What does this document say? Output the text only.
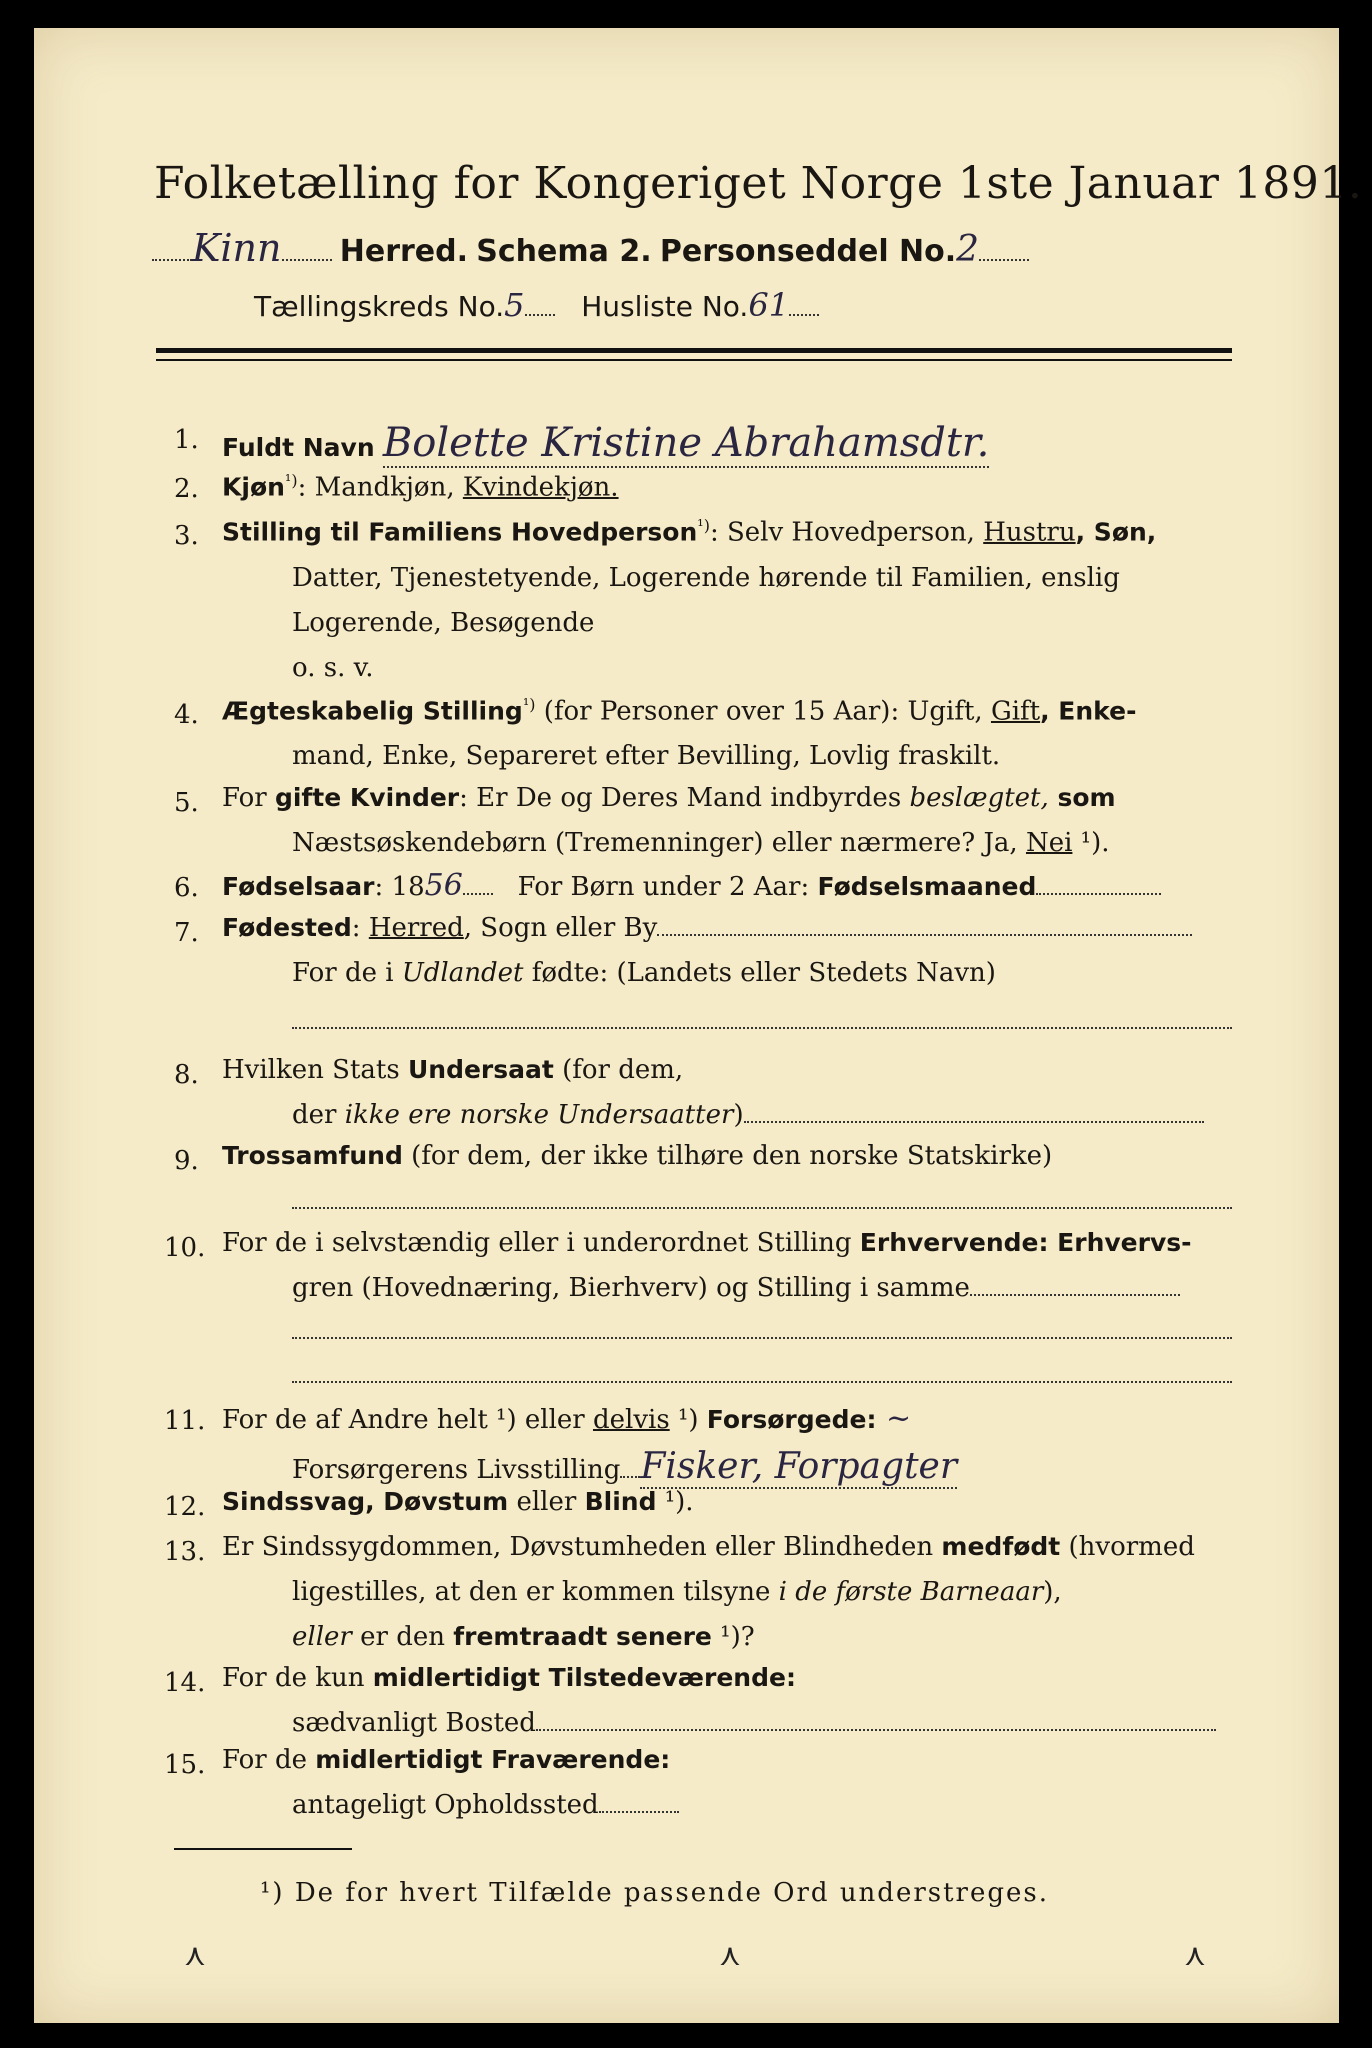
Folketælling for Kongeriget Norge 1ste Januar 1891.
Kinn Herred. Schema 2. Personseddel No.2
Tællingskreds No.5 Husliste No.61
1. Fuldt Navn Bolette Kristine Abrahamsdtr.
2. Kjøn$^{^1)}$: Mandkjøn, Kvindekjøn.
3. Stilling til Familiens Hovedperson$^{^1)}$: Selv Hovedperson, Hustru, Søn,
Datter, Tjenestetyende, Logerende hørende til Familien, enslig
Logerende, Besøgende
o. s. v.
4. Ægteskabelig Stilling$^{^1)}$ (for Personer over 15 Aar): Ugift, Gift, Enke-
mand, Enke, Separeret efter Bevilling, Lovlig fraskilt.
5. For gifte Kvinder: Er De og Deres Mand indbyrdes beslægtet, som
Næstsøskendebørn (Tremenninger) eller nærmere? Ja, Nei ¹).
6. Fødselsaar: 1856 For Børn under 2 Aar: Fødselsmaaned
7. Fødested: Herred, Sogn eller By
For de i Udlandet fødte: (Landets eller Stedets Navn)
8. Hvilken Stats Undersaat (for dem,
der ikke ere norske Undersaatter)
9. Trossamfund (for dem, der ikke tilhøre den norske Statskirke)
10. For de i selvstændig eller i underordnet Stilling Erhvervende: Erhvervs-
gren (Hovednæring, Bierhverv) og Stilling i samme
11. For de af Andre helt ¹) eller delvis ¹) Forsørgede: ~
Forsørgerens Livsstilling Fisker, Forpagter
12. Sindssvag, Døvstum eller Blind ¹).
13. Er Sindssygdommen, Døvstumheden eller Blindheden medfødt (hvormed
ligestilles, at den er kommen tilsyne i de første Barneaar),
eller er den fremtraadt senere ¹)?
14. For de kun midlertidigt Tilstedeværende:
sædvanligt Bosted
15. For de midlertidigt Fraværende:
antageligt Opholdssted
¹) De for hvert Tilfælde passende Ord understreges.
⋏	⋏	⋏
